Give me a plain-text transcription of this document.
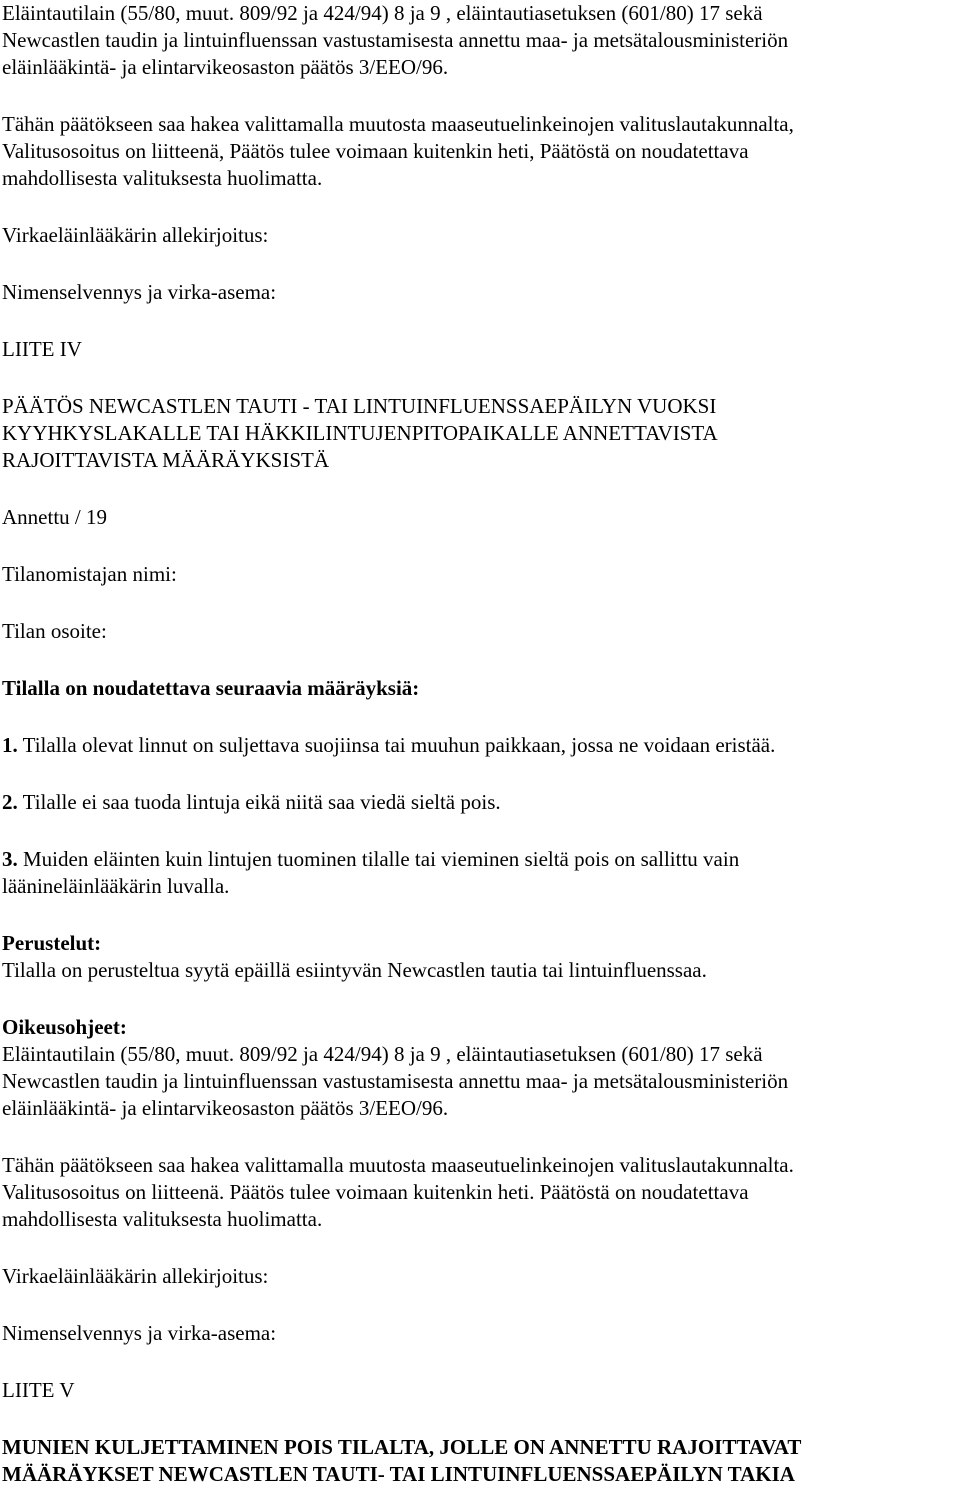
Eläintautilain (55/80, muut. 809/92 ja 424/94) 8 ja 9 , eläintautiasetuksen (601/80) 17 sekä
Newcastlen taudin ja lintuinfluenssan vastustamisesta annettu maa- ja metsätalousministeriön
eläinlääkintä- ja elintarvikeosaston päätös 3/EEO/96.

Tähän päätökseen saa hakea valittamalla muutosta maaseutuelinkeinojen valituslautakunnalta,
Valitusosoitus on liitteenä, Päätös tulee voimaan kuitenkin heti, Päätöstä on noudatettava
mahdollisesta valituksesta huolimatta.

Virkaeläinlääkärin allekirjoitus:

Nimenselvennys ja virka-asema:

LIITE IV

PÄÄTÖS NEWCASTLEN TAUTI - TAI LINTUINFLUENSSAEPÄILYN VUOKSI
KYYHKYSLAKALLE TAI HÄKKILINTUJENPITOPAIKALLE ANNETTAVISTA
RAJOITTAVISTA MÄÄRÄYKSISTÄ

Annettu / 19

Tilanomistajan nimi:

Tilan osoite:

Tilalla on noudatettava seuraavia määräyksiä:

1. Tilalla olevat linnut on suljettava suojiinsa tai muuhun paikkaan, jossa ne voidaan eristää.

2. Tilalle ei saa tuoda lintuja eikä niitä saa viedä sieltä pois.

3. Muiden eläinten kuin lintujen tuominen tilalle tai vieminen sieltä pois on sallittu vain
läänineläinlääkärin luvalla.

Perustelut:

Tilalla on perusteltua syytä epäillä esiintyvän Newcastlen tautia tai lintuinfluenssaa.

Oikeusohjeet:

Eläintautilain (55/80, muut. 809/92 ja 424/94) 8 ja 9 , eläintautiasetuksen (601/80) 17 sekä
Newcastlen taudin ja lintuinfluenssan vastustamisesta annettu maa- ja metsätalousministeriön
eläinlääkintä- ja elintarvikeosaston päätös 3/EEO/96.

Tähän päätökseen saa hakea valittamalla muutosta maaseutuelinkeinojen valituslautakunnalta.
Valitusosoitus on liitteenä. Päätös tulee voimaan kuitenkin heti. Päätöstä on noudatettava
mahdollisesta valituksesta huolimatta.

Virkaeläinlääkärin allekirjoitus:

Nimenselvennys ja virka-asema:

LIITE V

MUNIEN KULJETTAMINEN POIS TILALTA, JOLLE ON ANNETTU RAJOITTAVAT
MÄÄRÄYKSET NEWCASTLEN TAUTI- TAI LINTUINFLUENSSAEPÄILYN TAKIA
